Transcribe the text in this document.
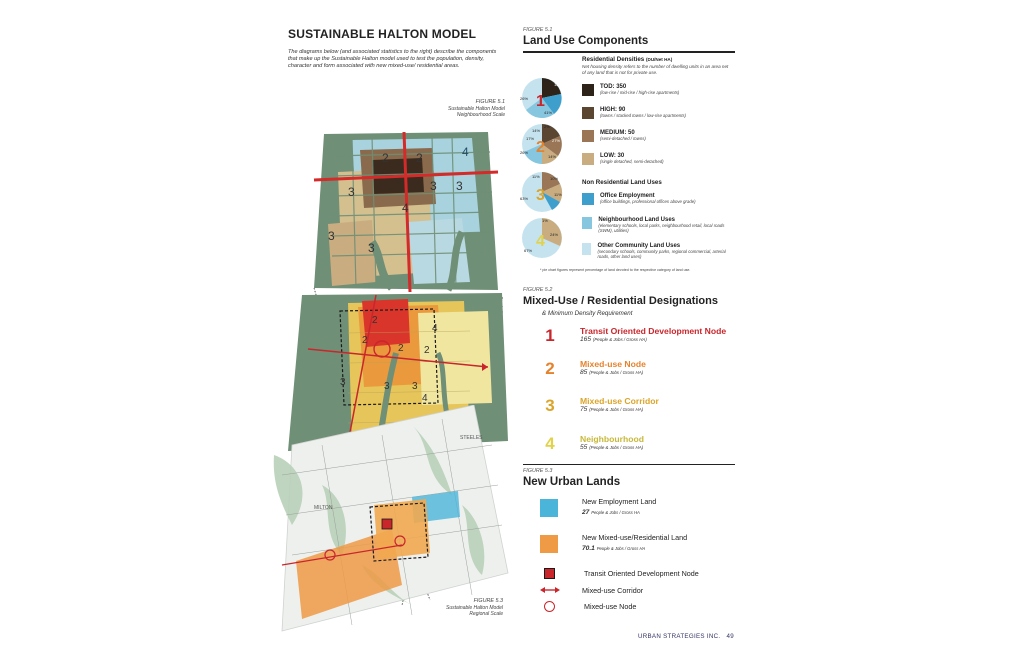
SUSTAINABLE HALTON MODEL
The diagrams below (and associated statistics to the right) describe the components that make up the Sustainable Halton model used to test the population, density, character and form associated with new mixed-use/ residential areas.
FIGURE 5.1
Sustainable Halton Model
Neighbourhood Scale
4
2 2
3	3 3
4
3
3
2
2
2
4
2
3	3 3
4
MILTON
STEELES
FIGURE 5.3
Sustainable Halton Model
Regional Scale
FIGURE 5.1
Land Use Components
1
2%
11%
26%
41%
2
2%
14%
17%
26%
27%
14%
3
11%	10%
11%
63%
4
1%
24%
67%
Residential Densities (DU/Net HA)
Net housing density refers to the number of dwelling units in an area net of any land that is not for private use.
TOD: 350
(low-rise / mid-rise / high-rise apartments)
HIGH: 90
(towns / stacked towns / low-rise apartments)
MEDIUM: 50
(semi-detached / towns)
LOW: 30
(single detached, semi-detached)
Non Residential Land Uses
Office Employment
(office buildings, professional offices above grade)
Neighbourhood Land Uses
(elementary schools, local parks, neighbourhood retail, local roads (SWM), utilities)
Other Community Land Uses
(secondary schools, community parks, regional commercial, arterial roads, other land uses)
* pie chart figures represent percentage of land devoted to the respective category of land use.
FIGURE 5.2
Mixed-Use / Residential Designations
& Minimum Density Requirement
1	Transit Oriented Development Node
165 (People & Jobs / Gross HA)
2	Mixed-use Node
85 (People & Jobs / Gross HA)
3	Mixed-use Corridor
75 (People & Jobs / Gross HA)
4	Neighbourhood
55 (People & Jobs / Gross HA)
FIGURE 5.3
New Urban Lands
New Employment Land
27 People & Jobs / Gross HA
New Mixed-use/Residential Land
70.1 People & Jobs / Gross HA
Transit Oriented Development Node
Mixed-use Corridor
Mixed-use Node
URBAN STRATEGIES INC. 49
